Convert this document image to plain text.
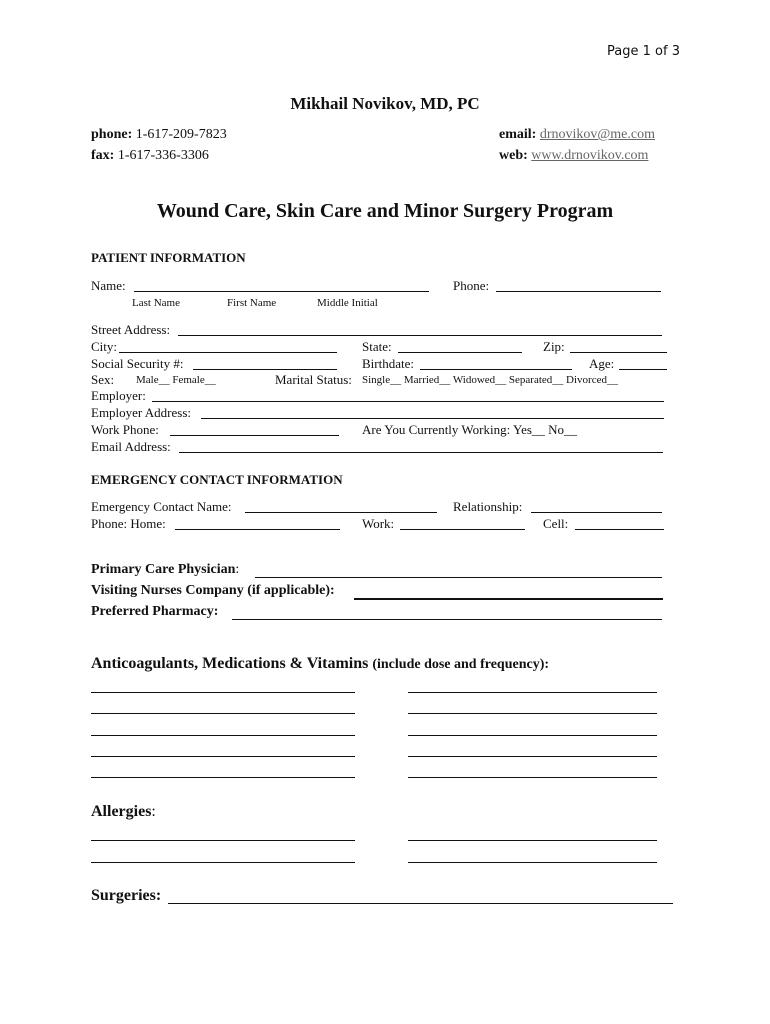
Page 1 of 3
Mikhail Novikov, MD, PC
phone: 1-617-209-7823
fax: 1-617-336-3306
email: drnovikov@me.com
web: www.drnovikov.com
Wound Care, Skin Care and Minor Surgery Program
PATIENT INFORMATION
Name:	Phone:
Last Name	First Name	Middle Initial
Street Address:
City:	State:	Zip:
Social Security #:	Birthdate:	Age:
Sex: Male__ Female__	Marital Status: Single__ Married__ Widowed__ Separated__ Divorced__
Employer:
Employer Address:
Work Phone:	Are You Currently Working: Yes__ No__
Email Address:
EMERGENCY CONTACT INFORMATION
Emergency Contact Name:	Relationship:
Phone: Home:	Work:	Cell:
Primary Care Physician:
Visiting Nurses Company (if applicable):
Preferred Pharmacy:
Anticoagulants, Medications & Vitamins (include dose and frequency):
Allergies:
Surgeries:
